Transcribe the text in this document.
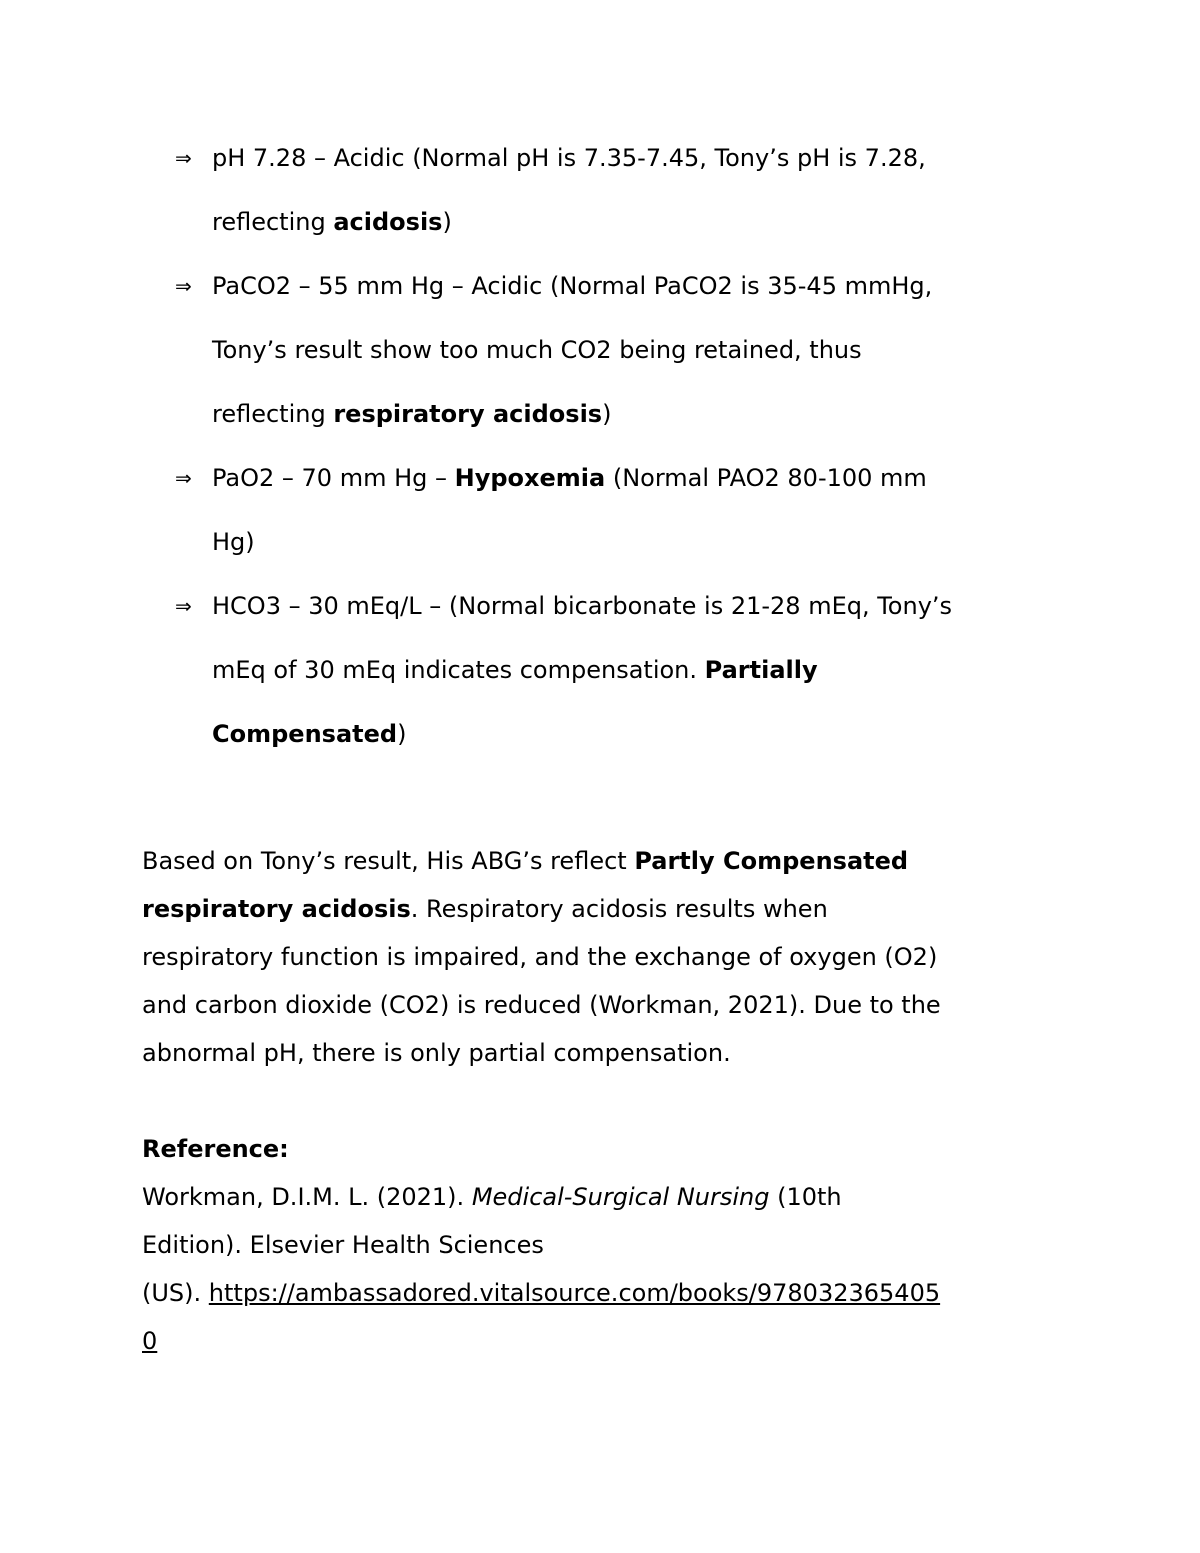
⇒ pH 7.28 – Acidic (Normal pH is 7.35-7.45, Tony’s pH is 7.28,
reflecting acidosis)
⇒ PaCO2 – 55 mm Hg – Acidic (Normal PaCO2 is 35-45 mmHg,
Tony’s result show too much CO2 being retained, thus
reflecting respiratory acidosis)
⇒ PaO2 – 70 mm Hg – Hypoxemia (Normal PAO2 80-100 mm
Hg)
⇒ HCO3 – 30 mEq/L – (Normal bicarbonate is 21-28 mEq, Tony’s
mEq of 30 mEq indicates compensation. Partially
Compensated)
Based on Tony’s result, His ABG’s reflect Partly Compensated
respiratory acidosis. Respiratory acidosis results when
respiratory function is impaired, and the exchange of oxygen (O2)
and carbon dioxide (CO2) is reduced (Workman, 2021). Due to the
abnormal pH, there is only partial compensation.
Reference:
Workman, D.I.M. L. (2021). Medical-Surgical Nursing (10th
Edition). Elsevier Health Sciences
(US). https://ambassadored.vitalsource.com/books/978032365405
0
